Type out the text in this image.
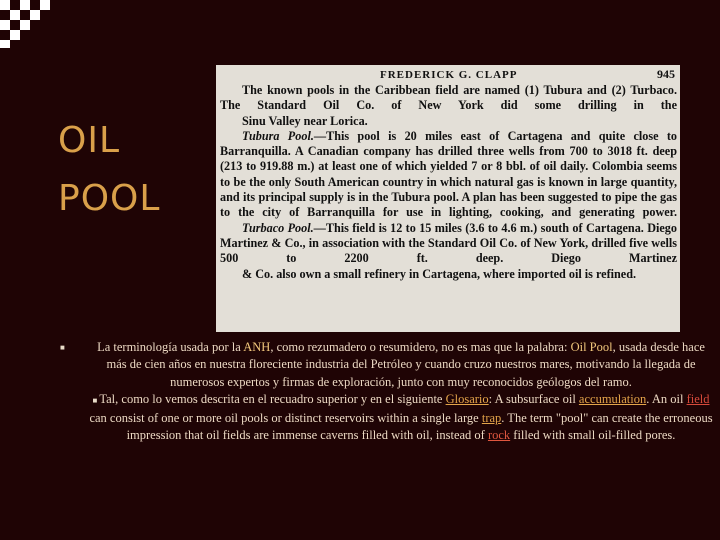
OIL
POOL
FREDERICK G. CLAPP	945

The known pools in the Caribbean field are named (1) Tubura and (2) Turbaco. The Standard Oil Co. of New York did some drilling in the
Sinu Valley near Lorica.

Tubura Pool.—This pool is 20 miles east of Cartagena and quite close to Barranquilla. A Canadian company has drilled three wells from 700 to 3018 ft. deep (213 to 919.88 m.) at least one of which yielded 7 or 8 bbl. of oil daily. Colombia seems to be the only South American country in which natural gas is known in large quantity, and its principal supply is in the Tubura pool. A plan has been suggested to pipe the gas to the city of Barranquilla for use in lighting, cooking, and generating power.

Turbaco Pool.—This field is 12 to 15 miles (3.6 to 4.6 m.) south of Cartagena. Diego Martinez & Co., in association with the Standard Oil Co. of New York, drilled five wells 500 to 2200 ft. deep. Diego Martinez
& Co. also own a small refinery in Cartagena, where imported oil is refined.

■	La terminología usada por la ANH, como rezumadero o resumidero, no es mas que la palabra: Oil Pool, usada desde hace más de cien años en nuestra floreciente industria del Petróleo y cuando cruzo nuestros mares, motivando la llegada de numerosos expertos y firmas de exploración, junto con muy reconocidos geólogos del ramo.
■ Tal, como lo vemos descrita en el recuadro superior y en el siguiente Glosario: A subsurface oil accumulation. An oil field can consist of one or more oil pools or distinct reservoirs within a single large trap. The term "pool" can create the erroneous impression that oil fields are immense caverns filled with oil, instead of rock filled with small oil-filled pores.
